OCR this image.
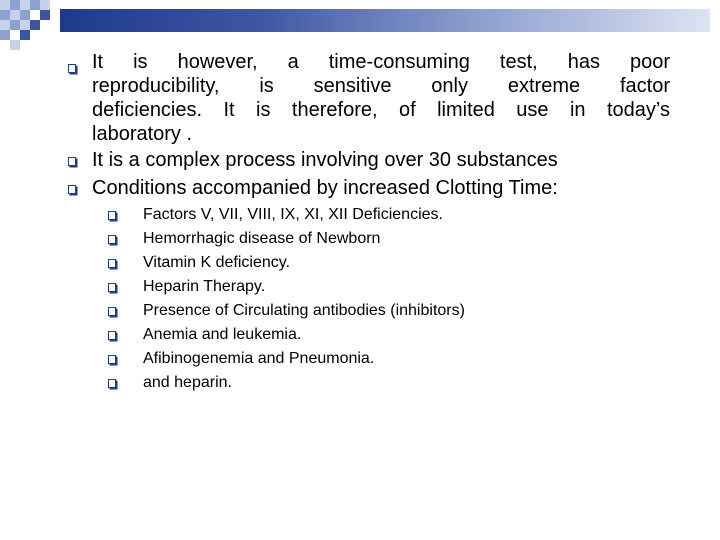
It is however, a time-consuming test, has poor
reproducibility, is sensitive only extreme factor
deficiencies. It is therefore, of limited use in today’s
laboratory .
It is a complex process involving over 30 substances
Conditions accompanied by increased Clotting Time:
Factors V, VII, VIII, IX, XI, XII Deficiencies.
Hemorrhagic disease of Newborn
Vitamin K deficiency.
Heparin Therapy.
Presence of Circulating antibodies (inhibitors)
Anemia and leukemia.
Afibinogenemia and Pneumonia.
and heparin.
